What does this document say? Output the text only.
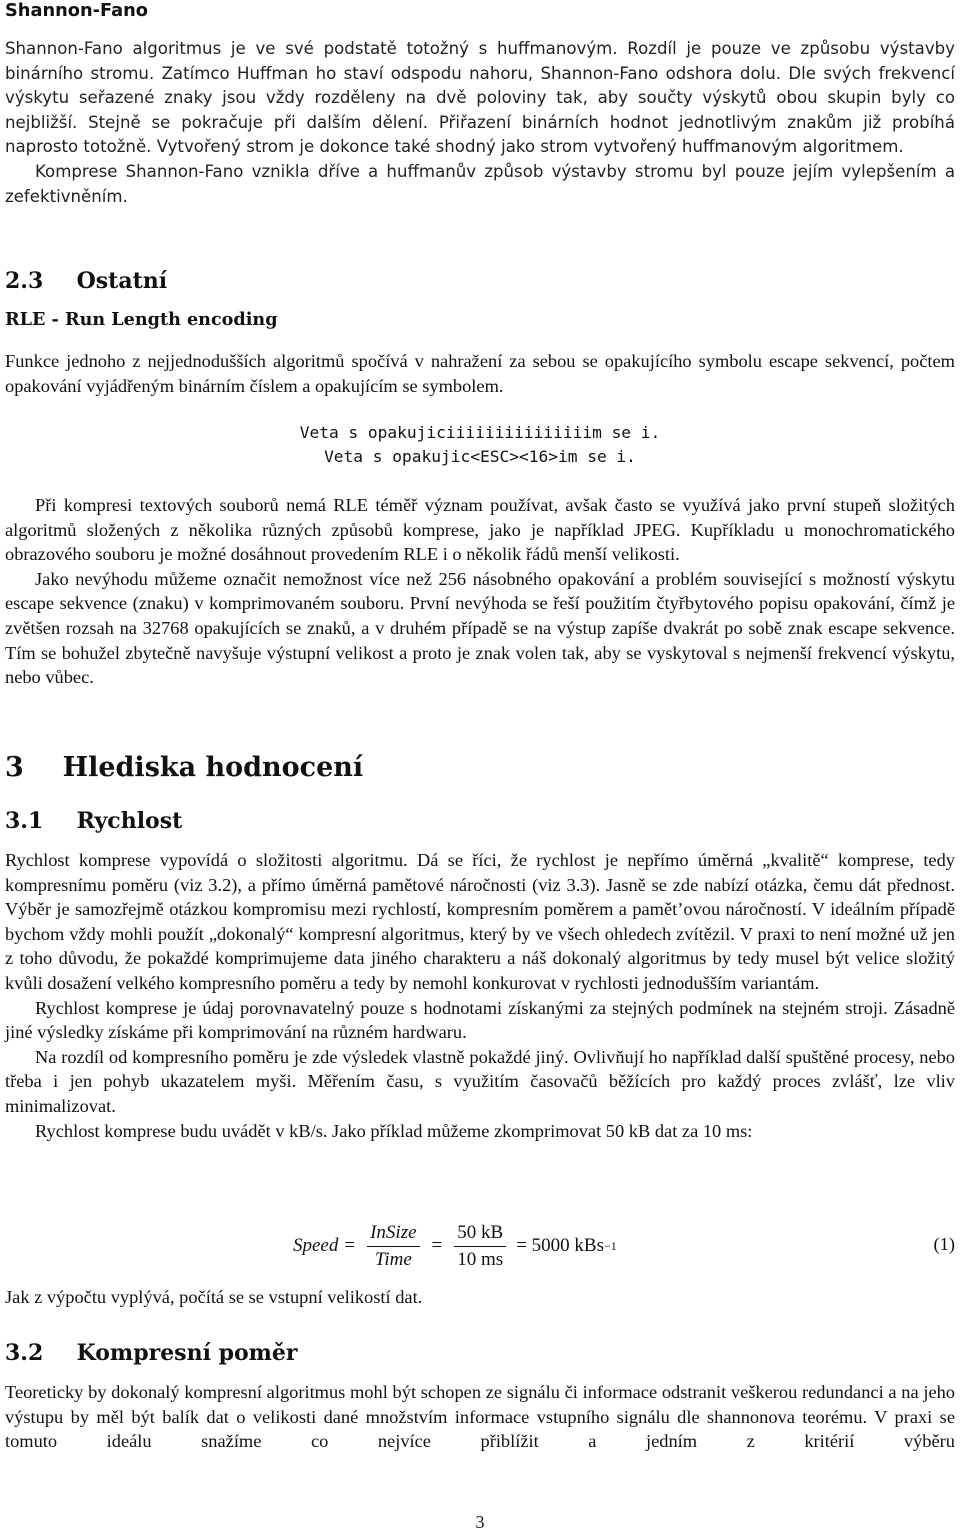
Shannon-Fano

Shannon-Fano algoritmus je ve své podstatě totožný s huffmanovým. Rozdíl je pouze ve způsobu výstavby binárního stromu. Zatímco Huffman ho staví odspodu nahoru, Shannon-Fano odshora dolu. Dle svých frekvencí výskytu seřazené znaky jsou vždy rozděleny na dvě poloviny tak, aby součty výskytů obou skupin byly co nejbližší. Stejně se pokračuje při dalším dělení. Přiřazení binárních hodnot jednotlivým znakům již probíhá naprosto totožně. Vytvořený strom je dokonce také shodný jako strom vytvořený huffmanovým algoritmem.

Komprese Shannon-Fano vznikla dříve a huffmanův způsob výstavby stromu byl pouze jejím vylepšením a zefektivněním.

2.3 Ostatní

RLE - Run Length encoding

Funkce jednoho z nejjednodušších algoritmů spočívá v nahražení za sebou se opakujícího symbolu escape sekvencí, počtem opakování vyjádřeným binárním číslem a opakujícím se symbolem.

Veta s opakujiciiiiiiiiiiiiiiim se i.

Veta s opakujic<ESC><16>im se i.

Při kompresi textových souborů nemá RLE téměř význam používat, avšak často se využívá jako první stupeň složitých algoritmů složených z několika různých způsobů komprese, jako je například JPEG. Kupříkladu u monochromatického obrazového souboru je možné dosáhnout provedením RLE i o několik řádů menší velikosti.

Jako nevýhodu můžeme označit nemožnost více než 256 násobného opakování a problém související s možností výskytu escape sekvence (znaku) v komprimovaném souboru. První nevýhoda se řeší použitím čtyřbytového popisu opakování, čímž je zvětšen rozsah na 32768 opakujících se znaků, a v druhém případě se na výstup zapíše dvakrát po sobě znak escape sekvence. Tím se bohužel zbytečně navyšuje výstupní velikost a proto je znak volen tak, aby se vyskytoval s nejmenší frekvencí výskytu, nebo vůbec.

3 Hlediska hodnocení

3.1 Rychlost

Rychlost komprese vypovídá o složitosti algoritmu. Dá se říci, že rychlost je nepřímo úměrná „kvalitě“ komprese, tedy kompresnímu poměru (viz 3.2), a přímo úměrná pamětové náročnosti (viz 3.3). Jasně se zde nabízí otázka, čemu dát přednost. Výběr je samozřejmě otázkou kompromisu mezi rychlostí, kompresním poměrem a pamět’ovou náročností. V ideálním případě bychom vždy mohli použít „dokonalý“ kompresní algoritmus, který by ve všech ohledech zvítězil. V praxi to není možné už jen z toho důvodu, že pokaždé komprimujeme data jiného charakteru a náš dokonalý algoritmus by tedy musel být velice složitý kvůli dosažení velkého kompresního poměru a tedy by nemohl konkurovat v rychlosti jednodušším variantám.

Rychlost komprese je údaj porovnavatelný pouze s hodnotami získanými za stejných podmínek na stejném stroji. Zásadně jiné výsledky získáme při komprimování na různém hardwaru.

Na rozdíl od kompresního poměru je zde výsledek vlastně pokaždé jiný. Ovlivňují ho například další spuštěné procesy, nebo třeba i jen pohyb ukazatelem myši. Měřením času, s využitím časovačů běžících pro každý proces zvlášť, lze vliv minimalizovat.

Rychlost komprese budu uvádět v kB/s. Jako příklad můžeme zkomprimovat 50 kB dat za 10 ms:

Speed = $\frac{\text{InSize}}{\text{Time}} = \frac{50 kB}{10 ms} = 5000$ kBs −1	(1)

Jak z výpočtu vyplývá, počítá se se vstupní velikostí dat.

3.2 Kompresní poměr

Teoreticky by dokonalý kompresní algoritmus mohl být schopen ze signálu či informace odstranit veškerou redundanci a na jeho výstupu by měl být balík dat o velikosti dané množstvím informace vstupního signálu dle shannonova teorému. V praxi se tomuto ideálu snažíme co nejvíce přiblížit a jedním z kritérií výběru

3
